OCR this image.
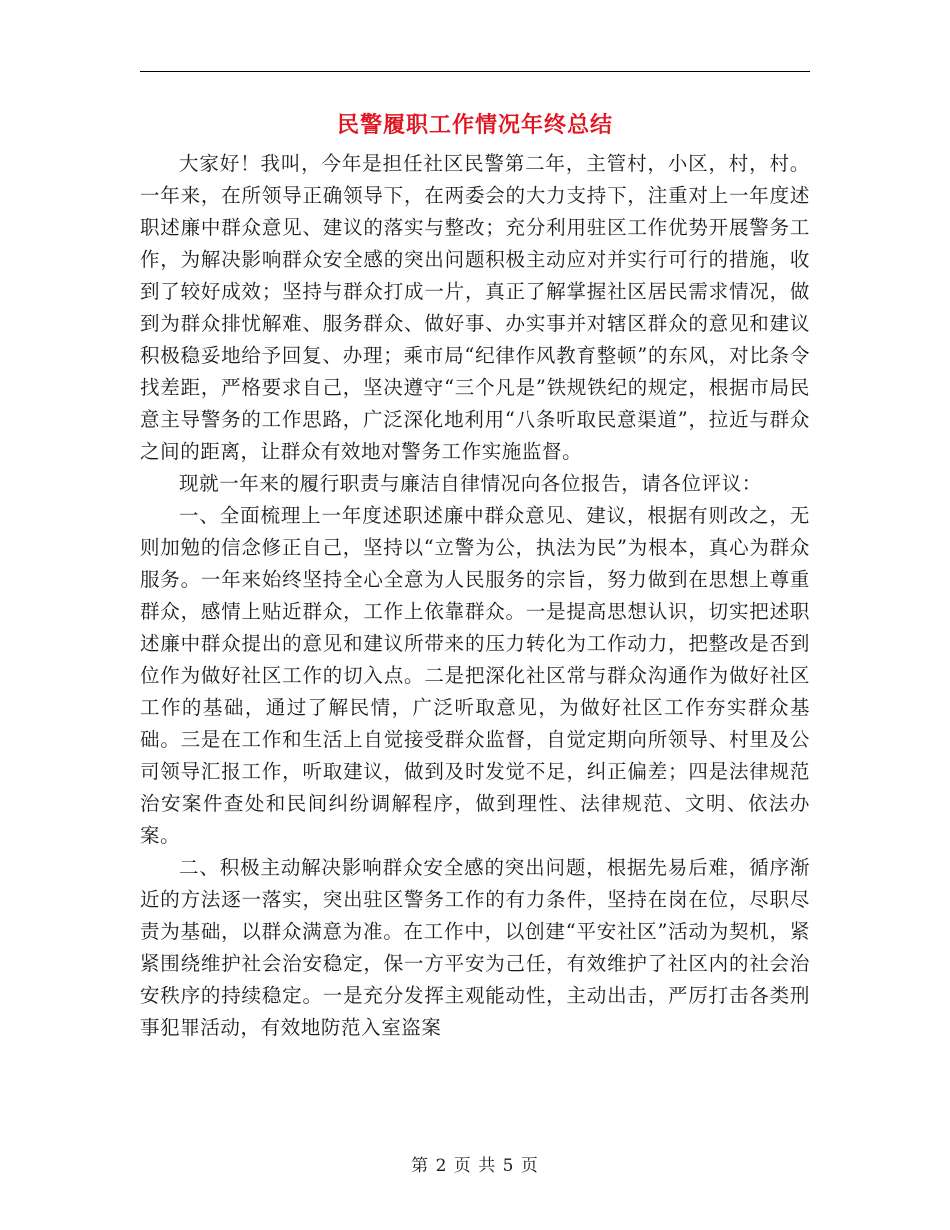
民警履职工作情况年终总结

大家好！我叫，今年是担任社区民警第二年，主管村，小区，村，村。一年来，在所领导正确领导下，在两委会的大力支持下，注重对上一年度述职述廉中群众意见、建议的落实与整改；充分利用驻区工作优势开展警务工作，为解决影响群众安全感的突出问题积极主动应对并实行可行的措施，收到了较好成效；坚持与群众打成一片，真正了解掌握社区居民需求情况，做到为群众排忧解难、服务群众、做好事、办实事并对辖区群众的意见和建议积极稳妥地给予回复、办理；乘市局“纪律作风教育整顿”的东风，对比条令找差距，严格要求自己，坚决遵守“三个凡是”铁规铁纪的规定，根据市局民意主导警务的工作思路，广泛深化地利用“八条听取民意渠道”，拉近与群众之间的距离，让群众有效地对警务工作实施监督。

现就一年来的履行职责与廉洁自律情况向各位报告，请各位评议：

一、全面梳理上一年度述职述廉中群众意见、建议，根据有则改之，无则加勉的信念修正自己，坚持以“立警为公，执法为民”为根本，真心为群众服务。一年来始终坚持全心全意为人民服务的宗旨，努力做到在思想上尊重群众，感情上贴近群众，工作上依靠群众。一是提高思想认识，切实把述职述廉中群众提出的意见和建议所带来的压力转化为工作动力，把整改是否到位作为做好社区工作的切入点。二是把深化社区常与群众沟通作为做好社区工作的基础，通过了解民情，广泛听取意见，为做好社区工作夯实群众基础。三是在工作和生活上自觉接受群众监督，自觉定期向所领导、村里及公司领导汇报工作，听取建议，做到及时发觉不足，纠正偏差；四是法律规范治安案件查处和民间纠纷调解程序，做到理性、法律规范、文明、依法办案。

二、积极主动解决影响群众安全感的突出问题，根据先易后难，循序渐近的方法逐一落实，突出驻区警务工作的有力条件，坚持在岗在位，尽职尽责为基础，以群众满意为准。在工作中，以创建“平安社区”活动为契机，紧紧围绕维护社会治安稳定，保一方平安为己任，有效维护了社区内的社会治安秩序的持续稳定。一是充分发挥主观能动性，主动出击，严厉打击各类刑事犯罪活动，有效地防范入室盗案

第 2 页 共 5 页
